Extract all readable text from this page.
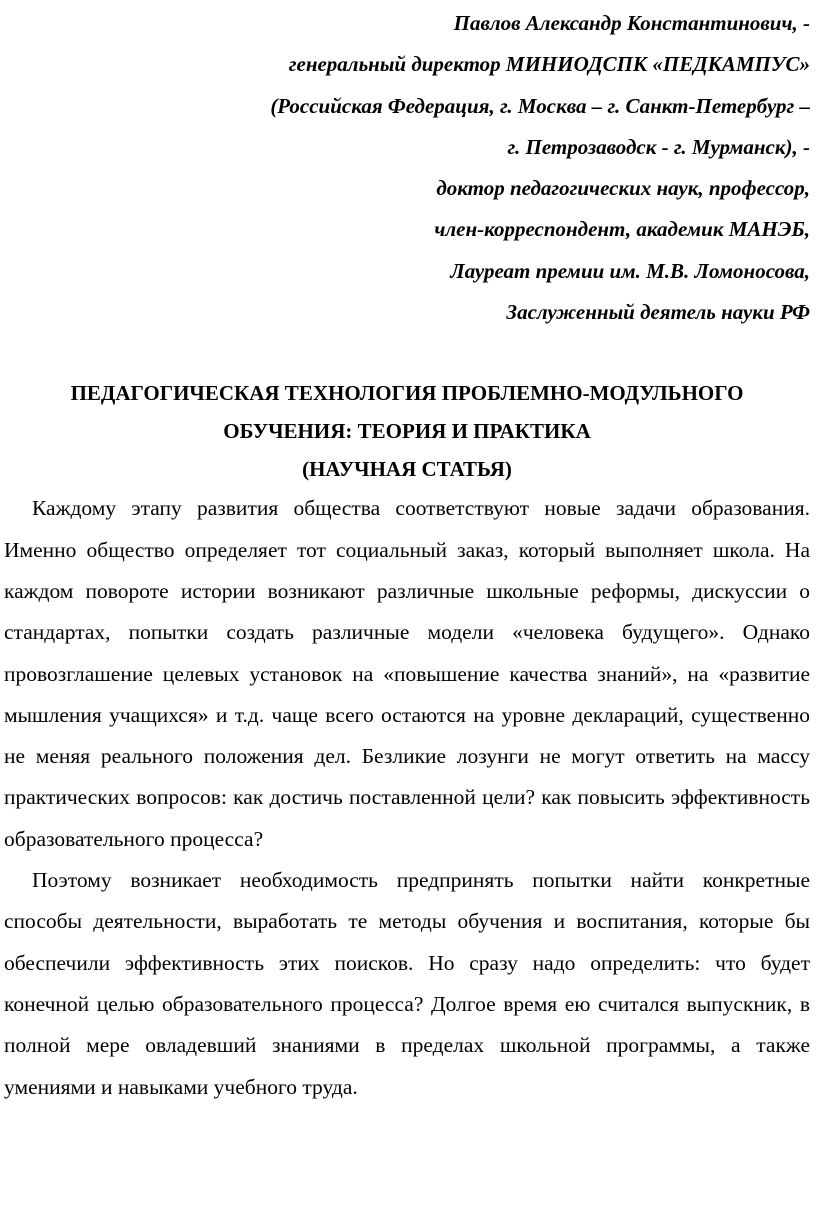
Павлов Александр Константинович, -

генеральный директор МИНИОДСПК «ПЕДКАМПУС»

(Российская Федерация, г. Москва – г. Санкт-Петербург –

г. Петрозаводск - г. Мурманск), -

доктор педагогических наук, профессор,

член-корреспондент, академик МАНЭБ,

Лауреат премии им. М.В. Ломоносова,

Заслуженный деятель науки РФ

ПЕДАГОГИЧЕСКАЯ ТЕХНОЛОГИЯ ПРОБЛЕМНО-МОДУЛЬНОГО

ОБУЧЕНИЯ: ТЕОРИЯ И ПРАКТИКА

(НАУЧНАЯ СТАТЬЯ)

Каждому этапу развития общества соответствуют новые задачи образования. Именно общество определяет тот социальный заказ, который выполняет школа. На каждом повороте истории возникают различные школьные реформы, дискуссии о стандартах, попытки создать различные модели «человека будущего». Однако провозглашение целевых установок на «повышение качества знаний», на «развитие мышления учащихся» и т.д. чаще всего остаются на уровне деклараций, существенно не меняя реального положения дел. Безликие лозунги не могут ответить на массу практических вопросов: как достичь поставленной цели? как повысить эффективность образовательного процесса?

Поэтому возникает необходимость предпринять попытки найти конкретные способы деятельности, выработать те методы обучения и воспитания, которые бы обеспечили эффективность этих поисков. Но сразу надо определить: что будет конечной целью образовательного процесса? Долгое время ею считался выпускник, в полной мере овладевший знаниями в пределах школьной программы, а также умениями и навыками учебного труда.
